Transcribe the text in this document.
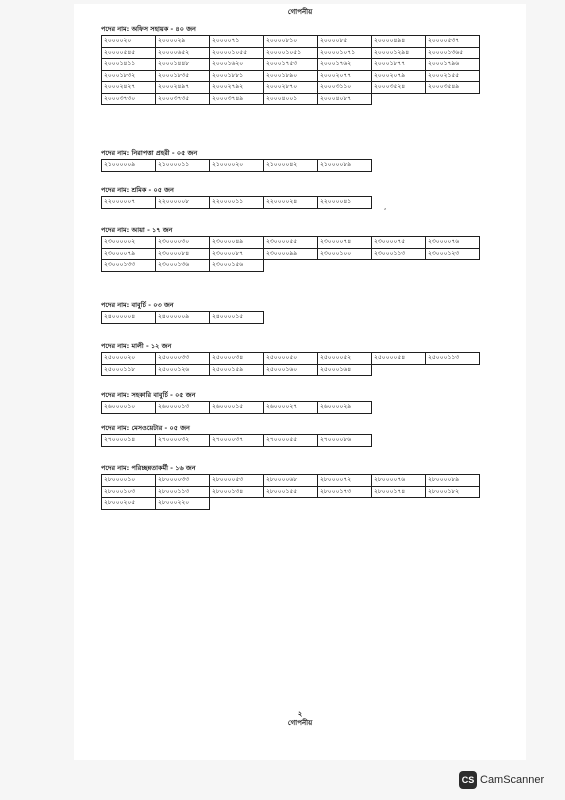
গোপনীয়
পদের নাম: অফিস সহায়ক - ৪০ জন
২০০০০২০	২০০০০২৯	২০০০০৭১	২০০০০৮১০	২০০০০৮৫	২০০০০৪৯৪	২০০০০৫৩৭
২০০০০৫৪৫	২০০০০৬৫২	২০০০০১০৫৫	২০০০০১০৫১	২০০০০১০৭১	২০০০০১২৯৪	২০০০০১৩৬৫
২০০০১৪১১	২০০০১৪৪৮	২০০০১৬২০	২০০০১৭৫৩	২০০০১৭৬২	২০০০১৮৭৭	২০০০১৭৯৬
২০০০১৮৩২	২০০০১৮৩৫	২০০০১৮৮১	২০০০১৮৯০	২০০০২০৭৭	২০০০২০৭৯	২০০০২১৫৫
২০০০২৪২৭	২০০০২৪৯৭	২০০০২৭৯২	২০০০২৮৭০	২০০০৩১১০	২০০০৩৫২৪	২০০০৩৫৪৯
২০০০৩৭৩০	২০০০৩৭৩৫	২০০০৩৭৪৯	২০০০৪০০১	২০০০৪০৮৭		
পদের নাম: নিরাপত্তা প্রহরী - ০৫ জন
২১০০০০০৯	২১০০০০১১	২১০০০০২০	২১০০০০৪২	২১০০০০৮৯
পদের নাম: শ্রমিক - ০৫ জন
২২০০০০০৭	২২০০০০০৮	২২০০০০১১	২২০০০০২৪	২২০০০০৪১
,
পদের নাম: আয়া - ১৭ জন
২৩০০০০০২	২৩০০০০৩০	২৩০০০০৪৯	২৩০০০০৫৫	২৩০০০০৭৪	২৩০০০০৭৫	২৩০০০০৭৬
২৩০০০০৭৯	২৩০০০০৮৪	২৩০০০০৮৭	২৩০০০০৯৯	২৩০০০১০০	২৩০০০১১৩	২৩০০০১২৩
২৩০০০১৩৩	২৩০০০১৩৬	২৩০০০১৫৬				
পদের নাম: বাবুর্চি - ০৩ জন
২৪০০০০০৪	২৪০০০০০৯	২৪০০০০১৫
পদের নাম: মালী - ১২ জন
২৫০০০০২০	২৫০০০০৩৩	২৫০০০০৩৪	২৫০০০০৫০	২৫০০০০৫২	২৫০০০০৫৪	২৫০০০১১৩
২৫০০০১১৮	২৫০০০১২৬	২৫০০০১৫৯	২৫০০০১৬০	২৫০০০১৬৪		
পদের নাম: সহকারি বাবুর্চি - ০৫ জন
২৬০০০০১০	২৬০০০০১৩	২৬০০০০১৫	২৬০০০০২৭	২৬০০০০২৯
পদের নাম: মেসওয়েটার - ০৫ জন
২৭০০০০১৪	২৭০০০০৩২	২৭০০০০৩৭	২৭০০০০৫৫	২৭০০০০৮৬
পদের নাম: পরিচ্ছন্নতাকর্মী - ১৬ জন
২৮০০০০১০	২৮০০০০৩৩	২৮০০০০৫৩	২৮০০০০৬৮	২৮০০০০৭২	২৮০০০০৭৬	২৮০০০০৮৯
২৮০০০১০৩	২৮০০০১১৩	২৮০০০১৩৪	২৮০০০১৫৫	২৮০০০১৭৩	২৮০০০১৭৪	২৮০০০১৮২
২৮০০০২০৫	২৮০০০২২০					
২
গোপনীয়
CS CamScanner
